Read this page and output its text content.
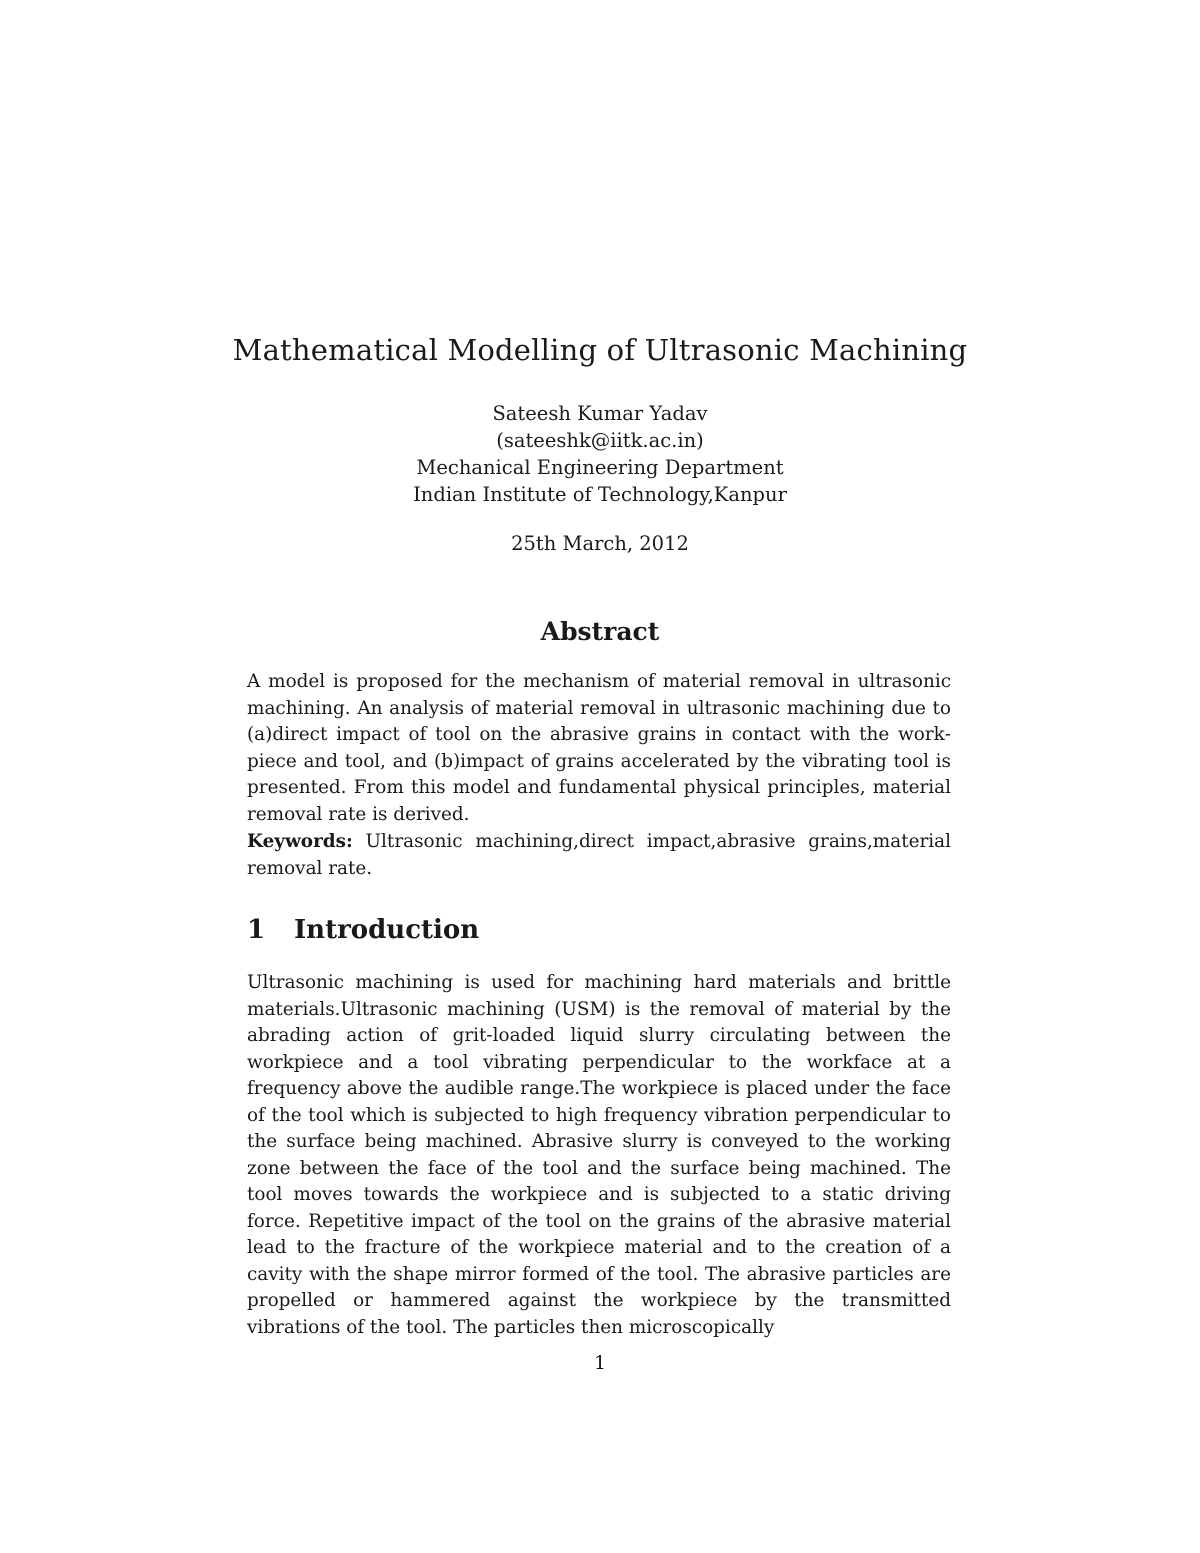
Mathematical Modelling of Ultrasonic Machining
Sateesh Kumar Yadav
(sateeshk@iitk.ac.in)
Mechanical Engineering Department
Indian Institute of Technology,Kanpur
25th March, 2012
Abstract
A model is proposed for the mechanism of material removal in ultrasonic machining. An analysis of material removal in ultrasonic machining due to (a)direct impact of tool on the abrasive grains in contact with the workpiece and tool, and (b)impact of grains accelerated by the vibrating tool is presented. From this model and fundamental physical principles, material removal rate is derived.
Keywords: Ultrasonic machining,direct impact,abrasive grains,material removal rate.
1 Introduction
Ultrasonic machining is used for machining hard materials and brittle materials.Ultrasonic machining (USM) is the removal of material by the abrading action of grit-loaded liquid slurry circulating between the workpiece and a tool vibrating perpendicular to the workface at a frequency above the audible range.The workpiece is placed under the face of the tool which is subjected to high frequency vibration perpendicular to the surface being machined. Abrasive slurry is conveyed to the working zone between the face of the tool and the surface being machined. The tool moves towards the workpiece and is subjected to a static driving force. Repetitive impact of the tool on the grains of the abrasive material lead to the fracture of the workpiece material and to the creation of a cavity with the shape mirror formed of the tool. The abrasive particles are propelled or hammered against the workpiece by the transmitted vibrations of the tool. The particles then microscopically
1
